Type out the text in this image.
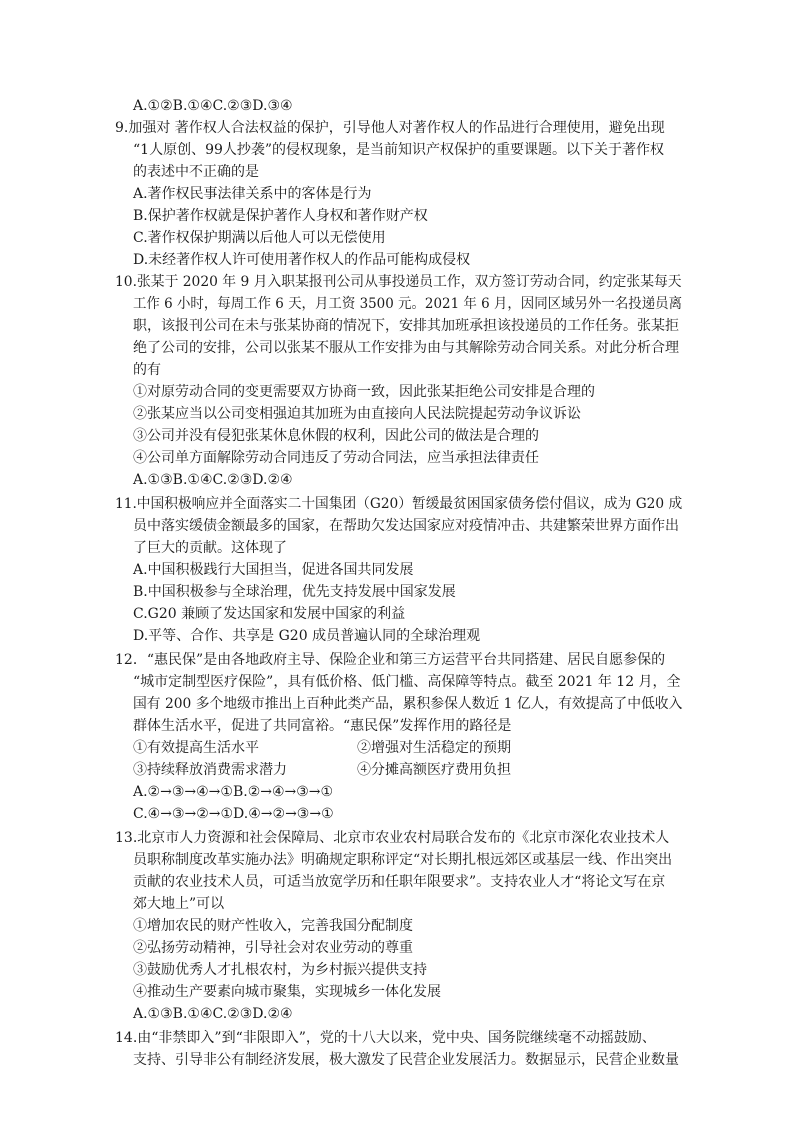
A.①②B.①④C.②③D.③④
9.加强对 著作权人合法权益的保护，引导他人对著作权人的作品进行合理使用，避免出现
“1人原创、99人抄袭”的侵权现象，是当前知识产权保护的重要课题。以下关于著作权
的表述中不正确的是
A.著作权民事法律关系中的客体是行为
B.保护著作权就是保护著作人身权和著作财产权
C.著作权保护期满以后他人可以无偿使用
D.未经著作权人许可使用著作权人的作品可能构成侵权
10.张某于 2020 年 9 月入职某报刊公司从事投递员工作，双方签订劳动合同，约定张某每天
工作 6 小时，每周工作 6 天，月工资 3500 元。2021 年 6 月，因同区域另外一名投递员离
职，该报刊公司在未与张某协商的情况下，安排其加班承担该投递员的工作任务。张某拒
绝了公司的安排，公司以张某不服从工作安排为由与其解除劳动合同关系。对此分析合理
的有
①对原劳动合同的变更需要双方协商一致，因此张某拒绝公司安排是合理的
②张某应当以公司变相强迫其加班为由直接向人民法院提起劳动争议诉讼
③公司并没有侵犯张某休息休假的权利，因此公司的做法是合理的
④公司单方面解除劳动合同违反了劳动合同法，应当承担法律责任
A.①③B.①④C.②③D.②④
11.中国积极响应并全面落实二十国集团（G20）暂缓最贫困国家债务偿付倡议，成为 G20 成
员中落实缓债金额最多的国家，在帮助欠发达国家应对疫情冲击、共建繁荣世界方面作出
了巨大的贡献。这体现了
A.中国积极践行大国担当，促进各国共同发展
B.中国积极参与全球治理，优先支持发展中国家发展
C.G20 兼顾了发达国家和发展中国家的利益
D.平等、合作、共享是 G20 成员普遍认同的全球治理观
12．“惠民保”是由各地政府主导、保险企业和第三方运营平台共同搭建、居民自愿参保的
“城市定制型医疗保险”，具有低价格、低门槛、高保障等特点。截至 2021 年 12 月，全
国有 200 多个地级市推出上百种此类产品，累积参保人数近 1 亿人，有效提高了中低收入
群体生活水平，促进了共同富裕。“惠民保”发挥作用的路径是
①有效提高生活水平	②增强对生活稳定的预期
③持续释放消费需求潜力	④分摊高额医疗费用负担
A.②→③→④→①B.②→④→③→①
C.④→③→②→①D.④→②→③→①
13.北京市人力资源和社会保障局、北京市农业农村局联合发布的《北京市深化农业技术人
员职称制度改革实施办法》明确规定职称评定“对长期扎根远郊区或基层一线、作出突出
贡献的农业技术人员，可适当放宽学历和任职年限要求”。支持农业人才“将论文写在京
郊大地上”可以
①增加农民的财产性收入，完善我国分配制度
②弘扬劳动精神，引导社会对农业劳动的尊重
③鼓励优秀人才扎根农村，为乡村振兴提供支持
④推动生产要素向城市聚集，实现城乡一体化发展
A.①③B.①④C.②③D.②④
14.由“非禁即入”到“非限即入”，党的十八大以来，党中央、国务院继续毫不动摇鼓励、
支持、引导非公有制经济发展，极大激发了民营企业发展活力。数据显示，民营企业数量
